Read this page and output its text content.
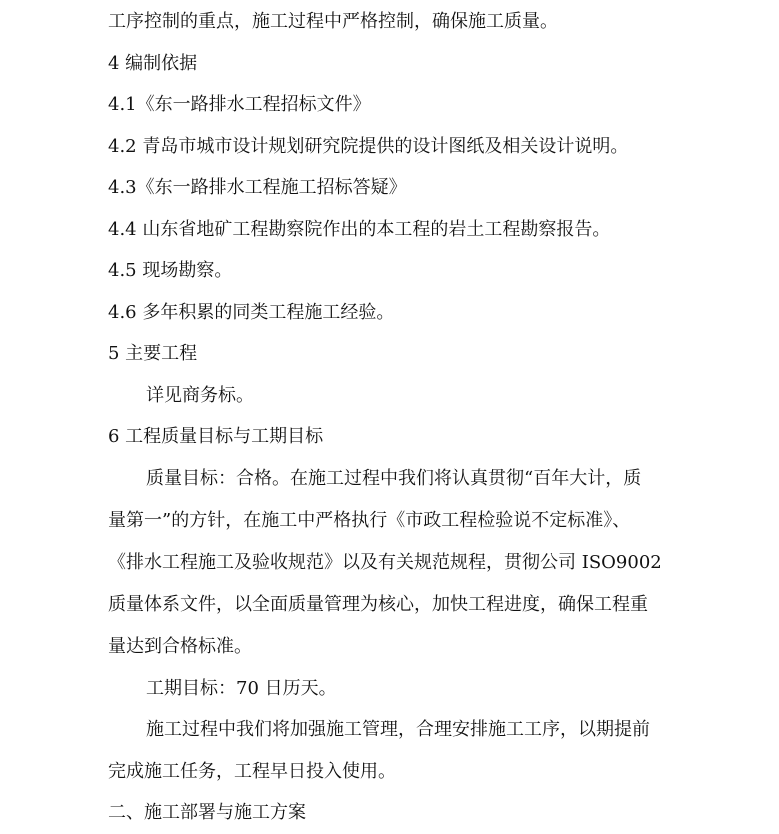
工序控制的重点，施工过程中严格控制，确保施工质量。
4 编制依据
4.1《东一路排水工程招标文件》
4.2 青岛市城市设计规划研究院提供的设计图纸及相关设计说明。
4.3《东一路排水工程施工招标答疑》
4.4 山东省地矿工程勘察院作出的本工程的岩土工程勘察报告。
4.5 现场勘察。
4.6 多年积累的同类工程施工经验。
5 主要工程
详见商务标。
6 工程质量目标与工期目标
质量目标：合格。在施工过程中我们将认真贯彻“百年大计，质
量第一”的方针，在施工中严格执行《市政工程检验说不定标准》、
《排水工程施工及验收规范》以及有关规范规程，贯彻公司 ISO9002
质量体系文件，以全面质量管理为核心，加快工程进度，确保工程重
量达到合格标准。
工期目标：70 日历天。
施工过程中我们将加强施工管理，合理安排施工工序，以期提前
完成施工任务，工程早日投入使用。
二、施工部署与施工方案
